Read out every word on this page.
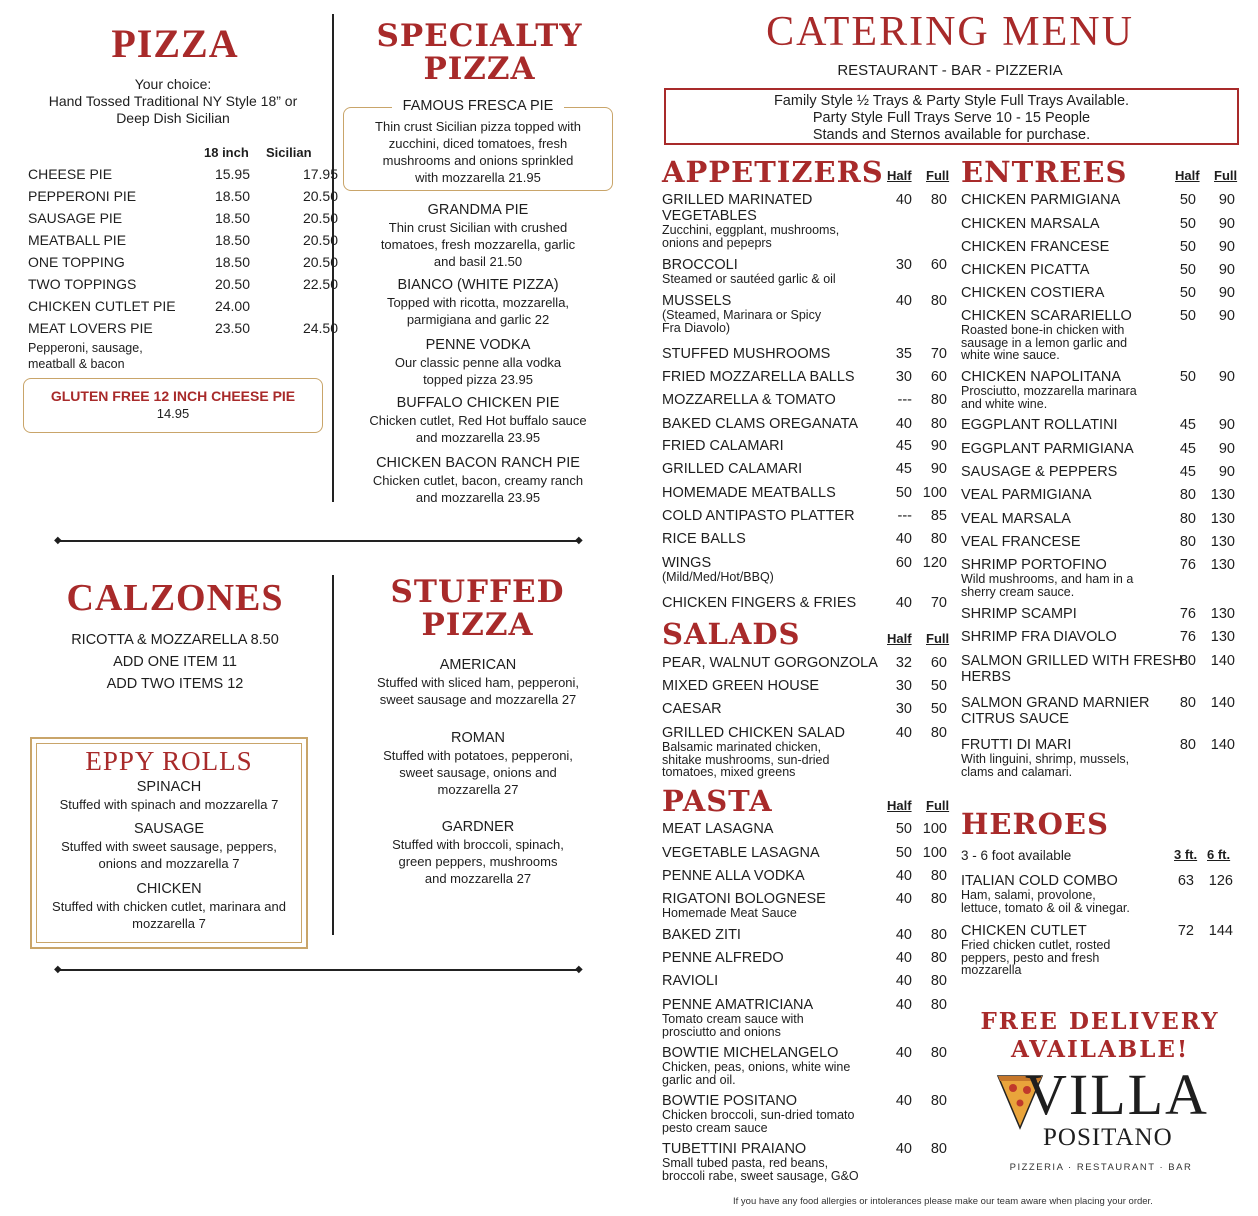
PIZZA
Your choice:
Hand Tossed Traditional NY Style 18” or
Deep Dish Sicilian
18 inch Sicilian
Pepperoni, sausage,
meatball & bacon
GLUTEN FREE 12 INCH CHEESE PIE
14.95
SPECIALTY
PIZZA
FAMOUS FRESCA PIE
Thin crust Sicilian pizza topped with
zucchini, diced tomatoes, fresh
mushrooms and onions sprinkled
with mozzarella 21.95
◆	◆
CALZONES
RICOTTA & MOZZARELLA 8.50
ADD ONE ITEM 11
ADD TWO ITEMS 12
EPPY ROLLS
STUFFED
PIZZA
◆	◆
CATERING MENU
RESTAURANT - BAR - PIZZERIA
Family Style ½ Trays & Party Style Full Trays Available.
Party Style Full Trays Serve 10 - 15 People
Stands and Sternos available for purchase.
APPETIZERS Half Full
SALADS	Half Full
PASTA	Half Full
ENTREES	Half Full
HEROES
3 - 6 foot available	3 ft. 6 ft.
FREE DELIVERY
AVAILABLE!
VILLA
POSITANO
PIZZERIA · RESTAURANT · BAR
If you have any food allergies or intolerances please make our team aware when placing your order.
CHEESE PIE	15.95	17.95
PEPPERONI PIE	18.50	20.50
SAUSAGE PIE	18.50	20.50
MEATBALL PIE	18.50	20.50
ONE TOPPING	18.50	20.50
TWO TOPPINGS	20.50	22.50
CHICKEN CUTLET PIE	24.00
MEAT LOVERS PIE	23.50	24.50
GRANDMA PIE
Thin crust Sicilian with crushed
tomatoes, fresh mozzarella, garlic
and basil 21.50
BIANCO (WHITE PIZZA)
Topped with ricotta, mozzarella,
parmigiana and garlic 22
PENNE VODKA
Our classic penne alla vodka
topped pizza 23.95
BUFFALO CHICKEN PIE
Chicken cutlet, Red Hot buffalo sauce
and mozzarella 23.95
CHICKEN BACON RANCH PIE
Chicken cutlet, bacon, creamy ranch
and mozzarella 23.95
SPINACH
Stuffed with spinach and mozzarella 7
SAUSAGE
Stuffed with sweet sausage, peppers,
onions and mozzarella 7
CHICKEN
Stuffed with chicken cutlet, marinara and
mozzarella 7
AMERICAN
Stuffed with sliced ham, pepperoni,
sweet sausage and mozzarella 27
ROMAN
Stuffed with potatoes, pepperoni,
sweet sausage, onions and
mozzarella 27
GARDNER
Stuffed with broccoli, spinach,
green peppers, mushrooms
and mozzarella 27
GRILLED MARINATED
VEGETABLES
Zucchini, eggplant, mushrooms,
onions and pepeprs
40	80
BROCCOLI
Steamed or sautéed garlic & oil
30	60
MUSSELS
(Steamed, Marinara or Spicy
Fra Diavolo)
40	80
STUFFED MUSHROOMS	35	70
FRIED MOZZARELLA BALLS	30	60
MOZZARELLA & TOMATO	---	80
BAKED CLAMS OREGANATA	40	80
FRIED CALAMARI	45	90
GRILLED CALAMARI	45	90
HOMEMADE MEATBALLS	50 100
COLD ANTIPASTO PLATTER	---	85
RICE BALLS	40	80
WINGS
(Mild/Med/Hot/BBQ)
60 120
CHICKEN FINGERS & FRIES	40	70
PEAR, WALNUT GORGONZOLA	32	60
MIXED GREEN HOUSE	30	50
CAESAR	30	50
GRILLED CHICKEN SALAD
Balsamic marinated chicken,
shitake mushrooms, sun-dried
tomatoes, mixed greens
40	80
MEAT LASAGNA	50 100
VEGETABLE LASAGNA	50 100
PENNE ALLA VODKA	40	80
RIGATONI BOLOGNESE
Homemade Meat Sauce
40	80
BAKED ZITI	40	80
PENNE ALFREDO	40	80
RAVIOLI	40	80
PENNE AMATRICIANA
Tomato cream sauce with
prosciutto and onions
40	80
BOWTIE MICHELANGELO
Chicken, peas, onions, white wine
garlic and oil.
40	80
BOWTIE POSITANO
Chicken broccoli, sun-dried tomato
pesto cream sauce
40	80
TUBETTINI PRAIANO
Small tubed pasta, red beans,
broccoli rabe, sweet sausage, G&O
40	80
CHICKEN PARMIGIANA	50	90
CHICKEN MARSALA	50	90
CHICKEN FRANCESE	50	90
CHICKEN PICATTA	50	90
CHICKEN COSTIERA	50	90
CHICKEN SCARARIELLO
Roasted bone-in chicken with
sausage in a lemon garlic and
white wine sauce.
50	90
CHICKEN NAPOLITANA
Prosciutto, mozzarella marinara
and white wine.
50	90
EGGPLANT ROLLATINI	45	90
EGGPLANT PARMIGIANA	45	90
SAUSAGE & PEPPERS	45	90
VEAL PARMIGIANA	80	130
VEAL MARSALA	80	130
VEAL FRANCESE	80	130
SHRIMP PORTOFINO
Wild mushrooms, and ham in a
sherry cream sauce.
76	130
SHRIMP SCAMPI	76	130
SHRIMP FRA DIAVOLO	76	130
SALMON GRILLED WITH FRESH
HERBS
80	140
SALMON GRAND MARNIER
CITRUS SAUCE
80	140
FRUTTI DI MARI
With linguini, shrimp, mussels,
clams and calamari.
80	140
ITALIAN COLD COMBO
Ham, salami, provolone,
lettuce, tomato & oil & vinegar.
63	126
CHICKEN CUTLET
Fried chicken cutlet, rosted
peppers, pesto and fresh
mozzarella
72	144
